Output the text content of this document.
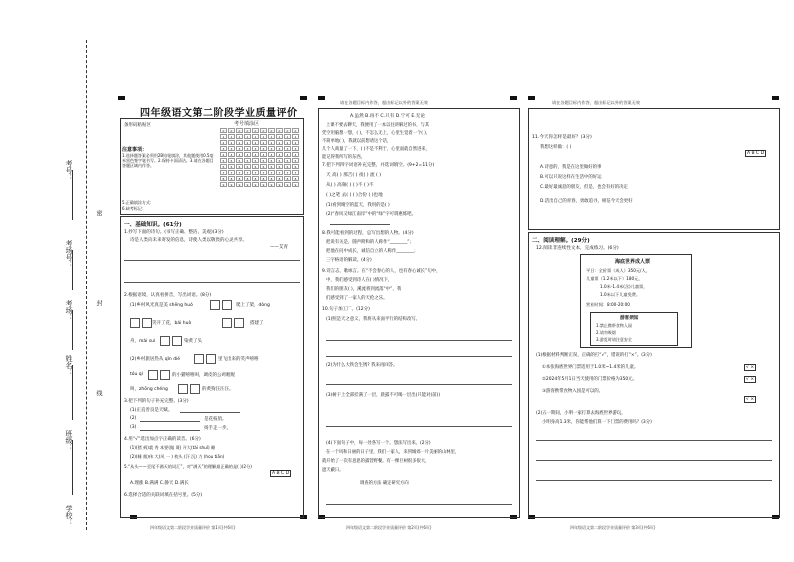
考号：
考场号：
考场：
姓名：
班级：
学校：
密
封
线
请在各题目标内作答，超出标记以外的答案无效	请在各题目标内作答，超出标记以外的答案无效
四年级语文第二阶段学业质量评价
条形码粘贴区	考号填涂区
0	0	0	0	0	0	0	0	0	0
1	1	1	1	1	1	1	1	1	1
2	2	2	2	2	2	2	2	2	2
3	3	3	3	3	3	3	3	3	3
4	4	4	4	4	4	4	4	4	4
5	5	5	5	5	5	5	5	5	5
6	6	6	6	6	6	6	6	6	6
7	7	7	7	7	7	7	7	7	7
8	8	8	8	8	8	8	8	8	8
9	9	9	9	9	9	9	9	9	9
注意事项：
1.选择题答案必须用2B铅笔填涂，其他题使用0.5毫米黑色签字笔书写。2.保持卡面清洁。3.请在各题目答题区域内作答。
5.正确填涂方式：
6.缺考标记：
一、基础知识。(61分)
1.抄写下面的诗句。(书写正确、整洁、美观)(3分)
诗是人类向未来寄发的信息，诗使人类以敬畏的心灵共享。
——艾青
2.根据语境，认真看拼音，写出词语。(8分)
(1)乡村风光真是美 shēng huó	爬上了架，dòng
笑开了花，bái huò	搭建了
舟，mài suì	染黄了头
(2)乡村旅居热从 qǐn dié	里飞出来的笑声嘻嘻
tóu qí	的小猫嘻嘻叫，调皮的公鸡喔喔
叫，zhōng chéng	的黄狗汪汪汪。
3.把下列的句子补充完整。(3分)
(1)正直善良是天赋。
(2)	是花枝俏。
(3)	扬手走一步。
4.用“√”选出加点字正确的读音。(6分)
(1)(猪 拇)栽 秀 本要(做 蔑) 开大(tài shuǐ) 睡
(2)(睡 敞)伟 大(风 一 ) 枕头 (汗 沉) 力 (hou tiān)
5.“从头——至尾不满天的词汇”，对“满天”的理解最正确的是( )(2分)
A B C D
A.理涨 B.满满 C.静天 D.满长
6.选择合适的关联词填在括号里。(5分)
四年级语文第二阶段学业质量评价 第1页(共6页)
A.虽然 B.再不 C.只有 D.宁可 E.无论
上课不要去聊天，我便用了一本以往讲解过的书，与其
凭空用脑想一想，( )，不怎么无上，心里生觉着一个( )，
不简单地( )，我就以前想请这个话，
几个人商量了一下，( )不是不利于，心里面就自然进来，
能记得我所写的东西。
7.把下列四字词语补充完整，并选词填空。(9+2=11分)
天 高( ) 那吉( ) 夜( ) 流 ( )
从( ) 高频( ) ( )不 ( )不
( )之笔 去( ) ( )合份 ( )也地
(1)看到晴空的蓝天，我用的是( )
(2)“春风又绿江南岸”中的“绿”字可谓惠炼吧。
8.我可能看到的过程，总写出想的人物。(4分)
把说有关是，随声附和的人称作“________”；
把他在问中成长，诚信自立的人称作________；
三字格语的解读。(4分)
9.诗言志，歌咏言。在“不会春心的人，也有春心诚长”句中，
中，我们感受到诗人在( )情况下，
我们的朋友( )，溪流将到流落“中”，我
们感受到了一家人的天伦之乐。
10.句子加工厂。(12分)
(1)照是天之意义，我将从来面平行的结构改写。
(2)为什么大铁会生锈? 我来再回答。
(3)树干上全部挂满了一层，晨露不可喝一层出(只能对(前))
(4)下面句子中，每一处各写一个。想法写出来。(2分)
在一个风和日丽的日子里，我们一家人，来到城郊一片美丽的山林里，
就开始了一次有意思的露营野餐。有一棵巨树很多很大，
遮天蔽日。
调查的方法 确定研究方向
四年级语文第二阶段学业质量评价 第2页(共6页)
11.今天你怎样是最好？(3分)
我想这样做：( )
A B C D
A.诗意的，我是在这里做好的事
B.可以只说这样在生活中的好运
C.最好最诚恳的朋友，但是，也会有好的决定
D.活出自己的青春，勇敢追寻，相信今天会更好
二、阅读理解。(29分)
12.阅读非连续性文本，完成练习。(6分)
海底世界成人票
平日：全价票（成人）350元/人，
儿童票（1.2米以下）180元，
1.0米-1.4米(含)儿童票，
1.0米以下儿童免费。
营业时间：8:00-20:00
游客须知
1.禁止携带食物入园
2.请勿吸烟
3.游览时请注意安全
(1)根据材料判断正误，正确的打“√”，错误的打“×”。(3分)
①本张海底世界门票适用于1.0米~1.4米的儿童。	√ ×
②2024年5月1日当天使用的门票价格为350元。	√ ×
③游客携带食物入园是可以的。
√ ×
(2)五一期间，小明一家打算去海底世界游玩，
小明身高1.3米，你能帮他们算一下门票的费用吗？(3分)
四年级语文第二阶段学业质量评价 第3页(共6页)
